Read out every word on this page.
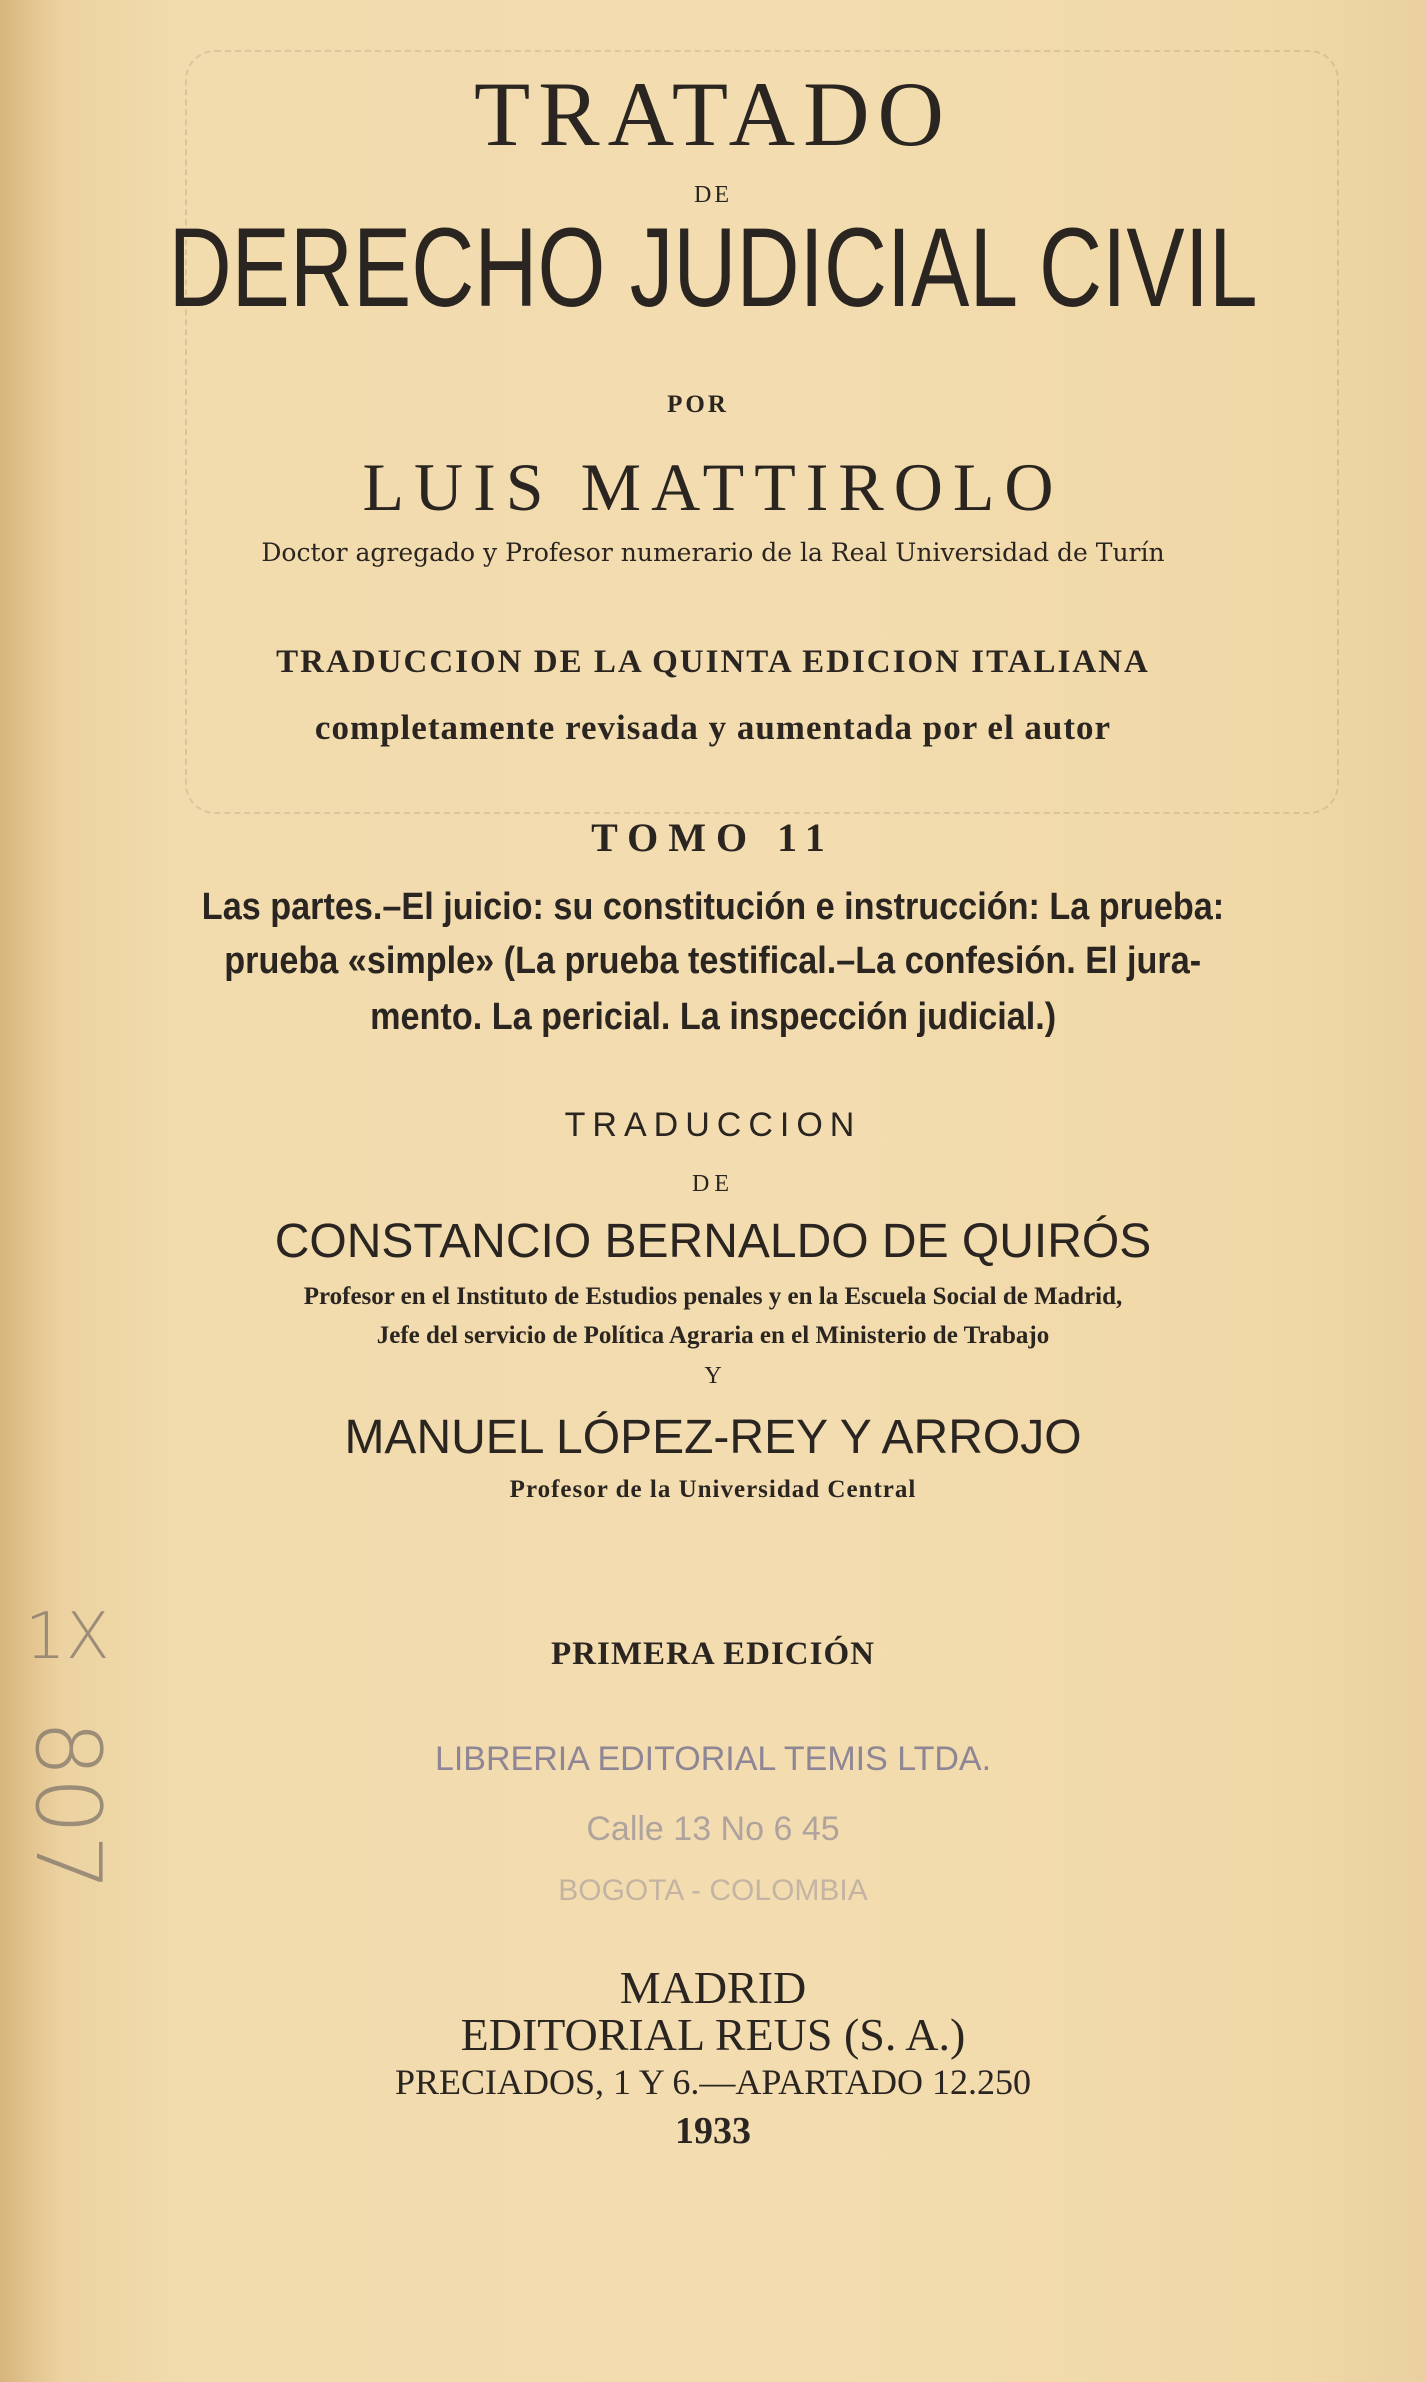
TRATADO
DE
DERECHO JUDICIAL CIVIL
POR
LUIS MATTIROLO
Doctor agregado y Profesor numerario de la Real Universidad de Turín
TRADUCCION DE LA QUINTA EDICION ITALIANA
completamente revisada y aumentada por el autor
TOMO 11
Las partes.–El juicio: su constitución e instrucción: La prueba:
prueba «simple» (La prueba testifical.–La confesión. El jura-
mento. La pericial. La inspección judicial.)
TRADUCCION
DE
CONSTANCIO BERNALDO DE QUIRÓS
Profesor en el Instituto de Estudios penales y en la Escuela Social de Madrid,
Jefe del servicio de Política Agraria en el Ministerio de Trabajo
Y
MANUEL LÓPEZ-REY Y ARROJO
Profesor de la Universidad Central
PRIMERA EDICIÓN
LIBRERIA EDITORIAL TEMIS LTDA.
Calle 13 No 6 45
BOGOTA - COLOMBIA
1X
807
MADRID
EDITORIAL REUS (S. A.)
PRECIADOS, 1 Y 6.—APARTADO 12.250
1933
